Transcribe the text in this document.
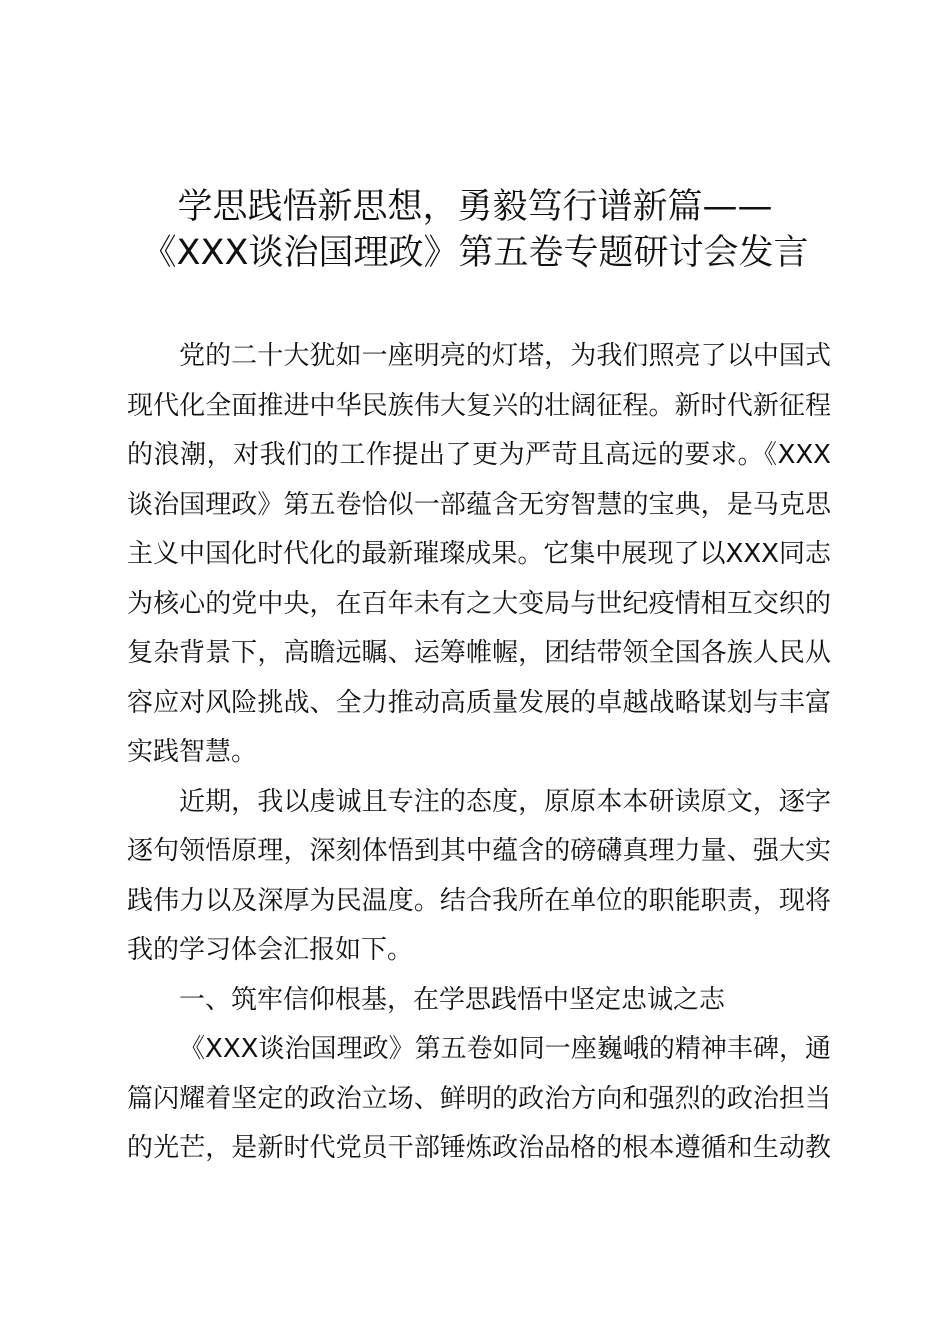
学思践悟新思想，勇毅笃行谱新篇——
《XXX谈治国理政》第五卷专题研讨会发言
党的二十大犹如一座明亮的灯塔，为我们照亮了以中国式
现代化全面推进中华民族伟大复兴的壮阔征程。新时代新征程
的浪潮，对我们的工作提出了更为严苛且高远的要求。《XXX
谈治国理政》第五卷恰似一部蕴含无穷智慧的宝典，是马克思
主义中国化时代化的最新璀璨成果。它集中展现了以XXX同志
为核心的党中央，在百年未有之大变局与世纪疫情相互交织的
复杂背景下，高瞻远瞩、运筹帷幄，团结带领全国各族人民从
容应对风险挑战、全力推动高质量发展的卓越战略谋划与丰富
实践智慧。
近期，我以虔诚且专注的态度，原原本本研读原文，逐字
逐句领悟原理，深刻体悟到其中蕴含的磅礴真理力量、强大实
践伟力以及深厚为民温度。结合我所在单位的职能职责，现将
我的学习体会汇报如下。
一、筑牢信仰根基，在学思践悟中坚定忠诚之志
《XXX谈治国理政》第五卷如同一座巍峨的精神丰碑，通
篇闪耀着坚定的政治立场、鲜明的政治方向和强烈的政治担当
的光芒，是新时代党员干部锤炼政治品格的根本遵循和生动教
